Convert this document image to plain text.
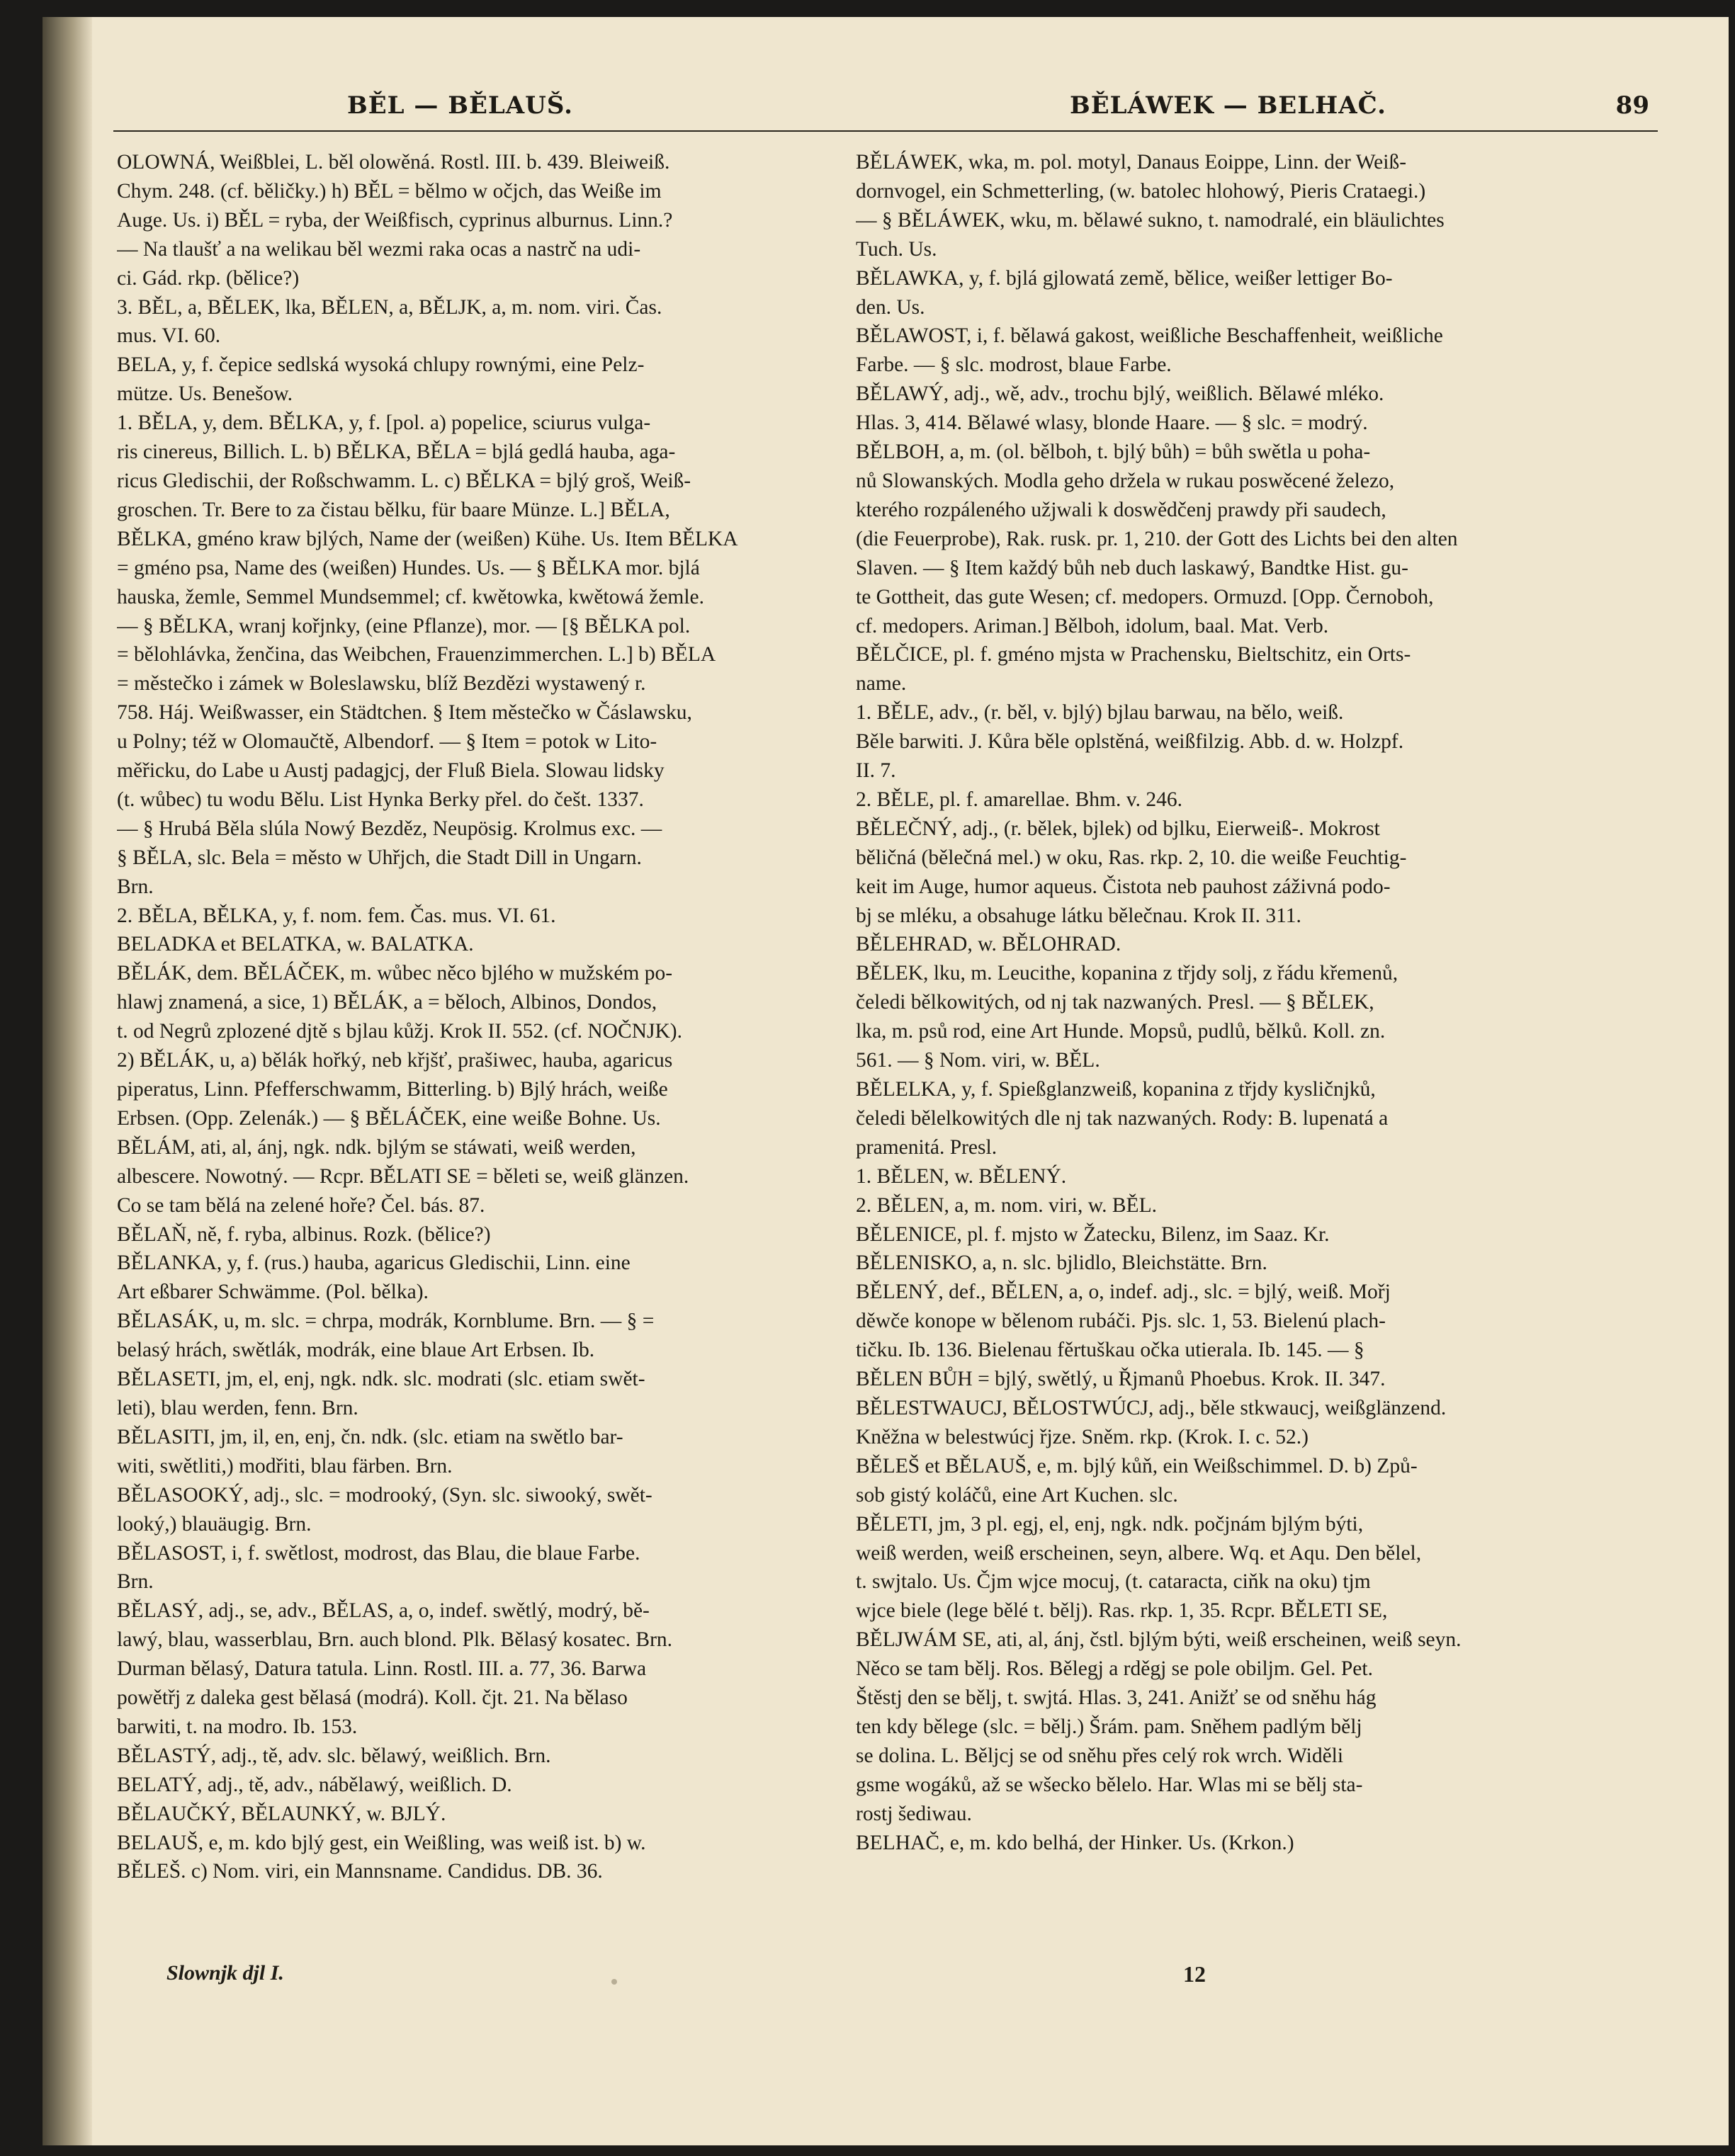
BĚL — BĚLAUŠ.	BĚLÁWEK — BELHAČ.	89

OLOWNÁ, Weißblei, L. běl olowěná. Rostl. III. b. 439. Bleiweiß.

Chym. 248. (cf. běličky.) h) BĚL = bělmo w očjch, das Weiße im

Auge. Us. i) BĚL = ryba, der Weißfisch, cyprinus alburnus. Linn.?

— Na tlaušť a na welikau běl wezmi raka ocas a nastrč na udi-

ci. Gád. rkp. (bělice?)

3. BĚL, a, BĚLEK, lka, BĚLEN, a, BĚLJK, a, m. nom. viri. Čas.

mus. VI. 60.

BELA, y, f. čepice sedlská wysoká chlupy rownými, eine Pelz-

mütze. Us. Benešow.

1. BĚLA, y, dem. BĚLKA, y, f. [pol. a) popelice, sciurus vulga-

ris cinereus, Billich. L. b) BĚLKA, BĚLA = bjlá gedlá hauba, aga-

ricus Gledischii, der Roßschwamm. L. c) BĚLKA = bjlý groš, Weiß-

groschen. Tr. Bere to za čistau bělku, für baare Münze. L.] BĚLA,

BĚLKA, gméno kraw bjlých, Name der (weißen) Kühe. Us. Item BĚLKA

= gméno psa, Name des (weißen) Hundes. Us. — § BĚLKA mor. bjlá

hauska, žemle, Semmel Mundsemmel; cf. kwětowka, kwětowá žemle.

— § BĚLKA, wranj kořjnky, (eine Pflanze), mor. — [§ BĚLKA pol.

= bělohlávka, ženčina, das Weibchen, Frauenzimmerchen. L.] b) BĚLA

= městečko i zámek w Boleslawsku, blíž Bezdězi wystawený r.

758. Háj. Weißwasser, ein Städtchen. § Item městečko w Čáslawsku,

u Polny; též w Olomaučtě, Albendorf. — § Item = potok w Lito-

měřicku, do Labe u Austj padagjcj, der Fluß Biela. Slowau lidsky

(t. wůbec) tu wodu Bělu. List Hynka Berky přel. do češt. 1337.

— § Hrubá Běla slúla Nowý Bezděz, Neupösig. Krolmus exc. —

§ BĚLA, slc. Bela = město w Uhřjch, die Stadt Dill in Ungarn.

Brn.

2. BĚLA, BĚLKA, y, f. nom. fem. Čas. mus. VI. 61.

BELADKA et BELATKA, w. BALATKA.

BĚLÁK, dem. BĚLÁČEK, m. wůbec něco bjlého w mužském po-

hlawj znamená, a sice, 1) BĚLÁK, a = běloch, Albinos, Dondos,

t. od Negrů zplozené djtě s bjlau kůžj. Krok II. 552. (cf. NOČNJK).

2) BĚLÁK, u, a) bělák hořký, neb křjšť, prašiwec, hauba, agaricus

piperatus, Linn. Pfefferschwamm, Bitterling. b) Bjlý hrách, weiße

Erbsen. (Opp. Zelenák.) — § BĚLÁČEK, eine weiße Bohne. Us.

BĚLÁM, ati, al, ánj, ngk. ndk. bjlým se stáwati, weiß werden,

albescere. Nowotný. — Rcpr. BĚLATI SE = běleti se, weiß glänzen.

Co se tam bělá na zelené hoře? Čel. bás. 87.

BĚLAŇ, ně, f. ryba, albinus. Rozk. (bělice?)

BĚLANKA, y, f. (rus.) hauba, agaricus Gledischii, Linn. eine

Art eßbarer Schwämme. (Pol. bělka).

BĚLASÁK, u, m. slc. = chrpa, modrák, Kornblume. Brn. — § =

belasý hrách, swětlák, modrák, eine blaue Art Erbsen. Ib.

BĚLASETI, jm, el, enj, ngk. ndk. slc. modrati (slc. etiam swět-

leti), blau werden, fenn. Brn.

BĚLASITI, jm, il, en, enj, čn. ndk. (slc. etiam na swětlo bar-

witi, swětliti,) modřiti, blau färben. Brn.

BĚLASOOKÝ, adj., slc. = modrooký, (Syn. slc. siwooký, swět-

looký,) blauäugig. Brn.

BĚLASOST, i, f. swětlost, modrost, das Blau, die blaue Farbe.

Brn.

BĚLASÝ, adj., se, adv., BĚLAS, a, o, indef. swětlý, modrý, bě-

lawý, blau, wasserblau, Brn. auch blond. Plk. Bělasý kosatec. Brn.

Durman bělasý, Datura tatula. Linn. Rostl. III. a. 77, 36. Barwa

powětřj z daleka gest bělasá (modrá). Koll. čjt. 21. Na bělaso

barwiti, t. na modro. Ib. 153.

BĚLASTÝ, adj., tě, adv. slc. bělawý, weißlich. Brn.

BELATÝ, adj., tě, adv., nábělawý, weißlich. D.

BĚLAUČKÝ, BĚLAUNKÝ, w. BJLÝ.

BELAUŠ, e, m. kdo bjlý gest, ein Weißling, was weiß ist. b) w.

BĚLEŠ. c) Nom. viri, ein Mannsname. Candidus. DB. 36.

BĚLÁWEK, wka, m. pol. motyl, Danaus Eoippe, Linn. der Weiß-

dornvogel, ein Schmetterling, (w. batolec hlohowý, Pieris Crataegi.)

— § BĚLÁWEK, wku, m. bělawé sukno, t. namodralé, ein bläulichtes

Tuch. Us.

BĚLAWKA, y, f. bjlá gjlowatá země, bělice, weißer lettiger Bo-

den. Us.

BĚLAWOST, i, f. bělawá gakost, weißliche Beschaffenheit, weißliche

Farbe. — § slc. modrost, blaue Farbe.

BĚLAWÝ, adj., wě, adv., trochu bjlý, weißlich. Bělawé mléko.

Hlas. 3, 414. Bělawé wlasy, blonde Haare. — § slc. = modrý.

BĚLBOH, a, m. (ol. bělboh, t. bjlý bůh) = bůh swětla u poha-

nů Slowanských. Modla geho držela w rukau poswěcené železo,

kterého rozpáleného užjwali k doswědčenj prawdy při saudech,

(die Feuerprobe), Rak. rusk. pr. 1, 210. der Gott des Lichts bei den alten

Slaven. — § Item každý bůh neb duch laskawý, Bandtke Hist. gu-

te Gottheit, das gute Wesen; cf. medopers. Ormuzd. [Opp. Černoboh,

cf. medopers. Ariman.] Bělboh, idolum, baal. Mat. Verb.

BĚLČICE, pl. f. gméno mjsta w Prachensku, Bieltschitz, ein Orts-

name.

1. BĚLE, adv., (r. běl, v. bjlý) bjlau barwau, na bělo, weiß.

Běle barwiti. J. Kůra běle oplstěná, weißfilzig. Abb. d. w. Holzpf.

II. 7.

2. BĚLE, pl. f. amarellae. Bhm. v. 246.

BĚLEČNÝ, adj., (r. bělek, bjlek) od bjlku, Eierweiß-. Mokrost

běličná (bělečná mel.) w oku, Ras. rkp. 2, 10. die weiße Feuchtig-

keit im Auge, humor aqueus. Čistota neb pauhost záživná podo-

bj se mléku, a obsahuge látku bělečnau. Krok II. 311.

BĚLEHRAD, w. BĚLOHRAD.

BĚLEK, lku, m. Leucithe, kopanina z třjdy solj, z řádu křemenů,

čeledi bělkowitých, od nj tak nazwaných. Presl. — § BĚLEK,

lka, m. psů rod, eine Art Hunde. Mopsů, pudlů, bělků. Koll. zn.

561. — § Nom. viri, w. BĚL.

BĚLELKA, y, f. Spießglanzweiß, kopanina z třjdy kysličnjků,

čeledi bělelkowitých dle nj tak nazwaných. Rody: B. lupenatá a

pramenitá. Presl.

1. BĚLEN, w. BĚLENÝ.

2. BĚLEN, a, m. nom. viri, w. BĚL.

BĚLENICE, pl. f. mjsto w Žatecku, Bilenz, im Saaz. Kr.

BĚLENISKO, a, n. slc. bjlidlo, Bleichstätte. Brn.

BĚLENÝ, def., BĚLEN, a, o, indef. adj., slc. = bjlý, weiß. Mořj

děwče konope w bělenom rubáči. Pjs. slc. 1, 53. Bielenú plach-

tičku. Ib. 136. Bielenau fěrtuškau očka utierala. Ib. 145. — §

BĚLEN BŮH = bjlý, swětlý, u Řjmanů Phoebus. Krok. II. 347.

BĚLESTWAUCJ, BĚLOSTWÚCJ, adj., běle stkwaucj, weißglänzend.

Kněžna w belestwúcj řjze. Sněm. rkp. (Krok. I. c. 52.)

BĚLEŠ et BĚLAUŠ, e, m. bjlý kůň, ein Weißschimmel. D. b) Způ-

sob gistý koláčů, eine Art Kuchen. slc.

BĚLETI, jm, 3 pl. egj, el, enj, ngk. ndk. počjnám bjlým býti,

weiß werden, weiß erscheinen, seyn, albere. Wq. et Aqu. Den bělel,

t. swjtalo. Us. Čjm wjce mocuj, (t. cataracta, ciňk na oku) tjm

wjce biele (lege bělé t. bělj). Ras. rkp. 1, 35. Rcpr. BĚLETI SE,

BĚLJWÁM SE, ati, al, ánj, čstl. bjlým býti, weiß erscheinen, weiß seyn.

Něco se tam bělj. Ros. Bělegj a rděgj se pole obiljm. Gel. Pet.

Štěstj den se bělj, t. swjtá. Hlas. 3, 241. Anižť se od sněhu hág

ten kdy bělege (slc. = bělj.) Šrám. pam. Sněhem padlým bělj

se dolina. L. Běljcj se od sněhu přes celý rok wrch. Widěli

gsme wogáků, až se wšecko bělelo. Har. Wlas mi se bělj sta-

rostj šediwau.

BELHAČ, e, m. kdo belhá, der Hinker. Us. (Krkon.)

Slownjk djl I.	12
